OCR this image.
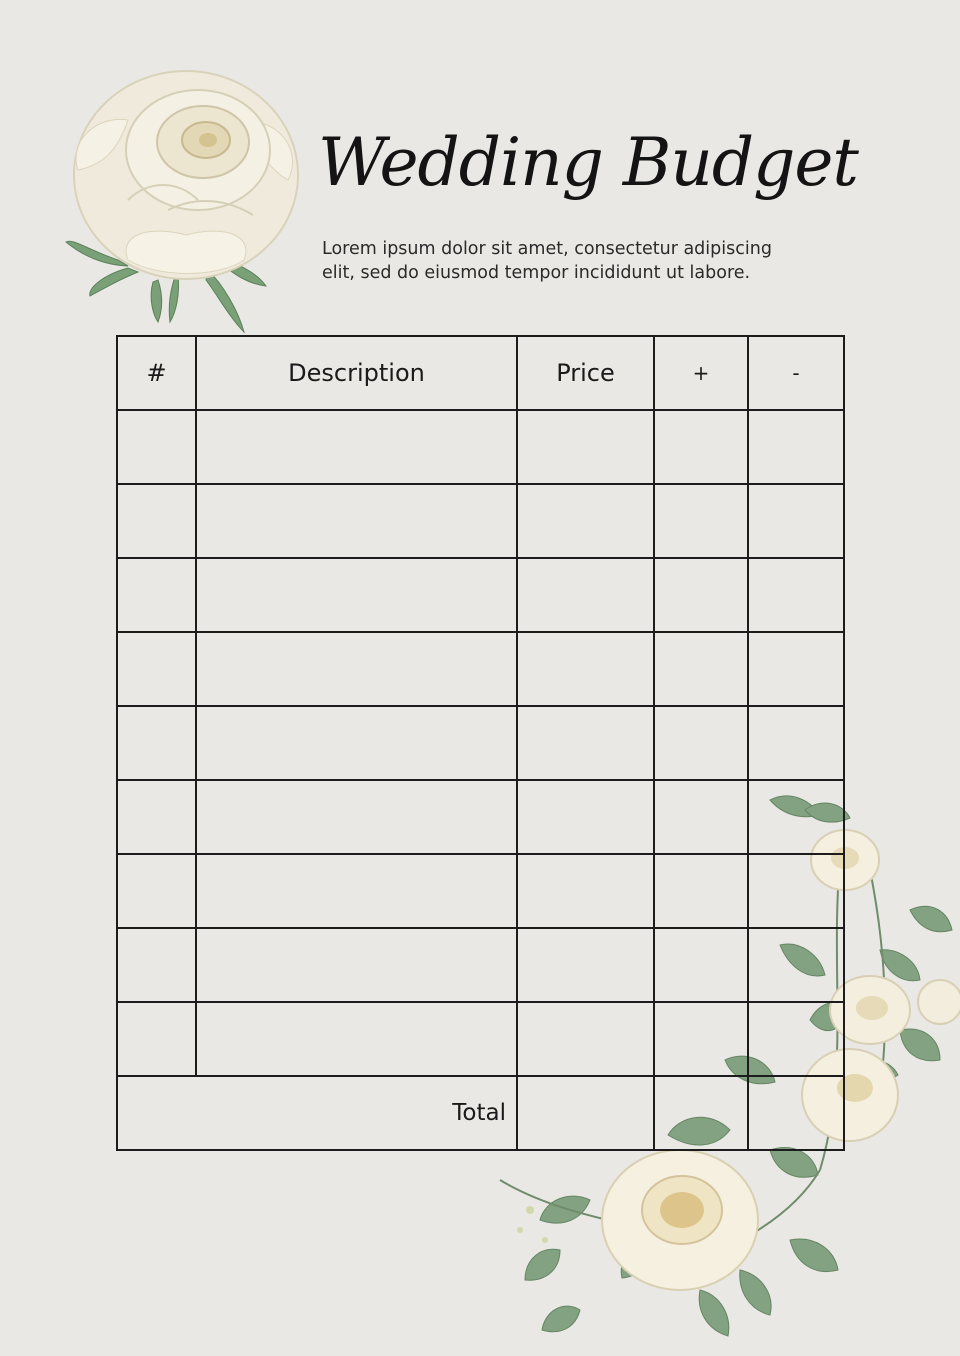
Wedding Budget
Lorem ipsum dolor sit amet, consectetur adipiscing
elit, sed do eiusmod tempor incididunt ut labore.
#	Description	Price	+	-

Total				
